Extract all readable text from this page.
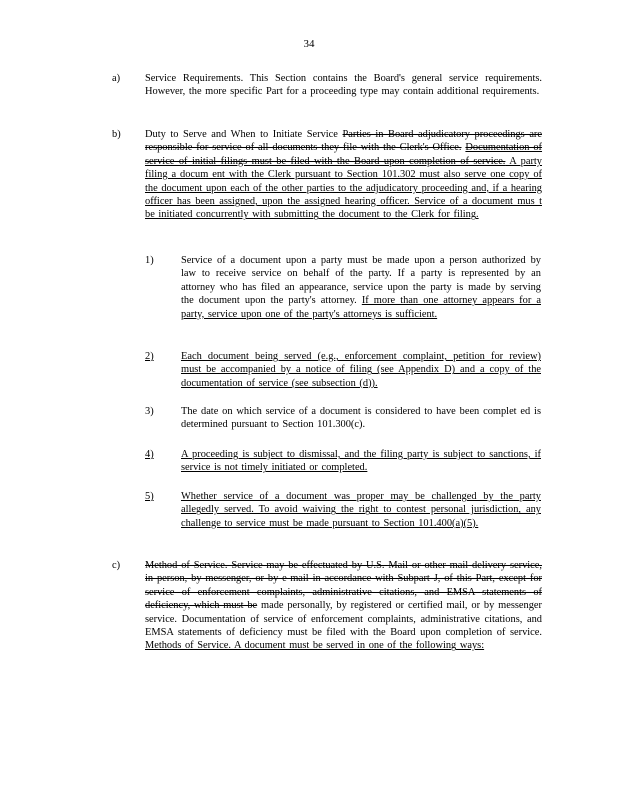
34
a) Service Requirements. This Section contains the Board's general service requirements. However, the more specific Part for a proceeding type may contain additional requirements.
b) Duty to Serve and When to Initiate Service Parties in Board adjudicatory proceedings are responsible for service of all documents they file with the Clerk's Office. Documentation of service of initial filings must be filed with the Board upon completion of service. A party filing a docum ent with the Clerk pursuant to Section 101.302 must also serve one copy of the document upon each of the other parties to the adjudicatory proceeding and, if a hearing officer has been assigned, upon the assigned hearing officer. Service of a document mus t be initiated concurrently with submitting the document to the Clerk for filing.
1)	Service of a document upon a party must be made upon a person authorized by law to receive service on behalf of the party. If a party is represented by an attorney who has filed an appearance, service upon the party is made by serving the document upon the party's attorney. If more than one attorney appears for a party, service upon one of the party's attorneys is sufficient.
2)	Each document being served (e.g., enforcement complaint, petition for review) must be accompanied by a notice of filing (see Appendix D) and a copy of the documentation of service (see subsection (d)).
3)	The date on which service of a document is considered to have been complet ed is determined pursuant to Section 101.300(c).
4)	A proceeding is subject to dismissal, and the filing party is subject to sanctions, if service is not timely initiated or completed.
5)	Whether service of a document was proper may be challenged by the party allegedly served. To avoid waiving the right to contest personal jurisdiction, any challenge to service must be made pursuant to Section 101.400(a)(5).
c) Method of Service. Service may be effectuated by U.S. Mail or other mail delivery service, in person, by messenger, or by e-mail in accordance with Subpart J, of this Part, except for service of enforcement complaints, administrative citations, and EMSA statements of deficiency, which must be made personally, by registered or certified mail, or by messenger service. Documentation of service of enforcement complaints, administrative citations, and EMSA statements of deficiency must be filed with the Board upon completion of service. Methods of Service. A document must be served in one of the following ways:
